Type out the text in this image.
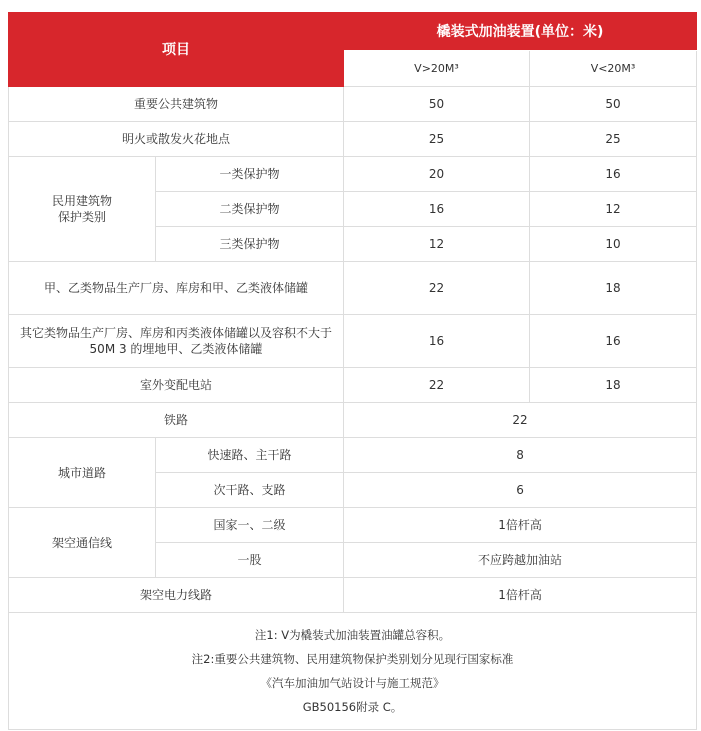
项目		橇装式加油装置(单位：米)	
		V>20M³	V<20M³
重要公共建筑物		50	50
明火或散发火花地点		25	25
民用建筑物
保护类别	一类保护物	20	16
	二类保护物	16	12
	三类保护物	12	10
甲、乙类物品生产厂房、库房和甲、乙类液体储罐		22	18
其它类物品生产厂房、库房和丙类液体储罐以及容积不大于
50M 3 的埋地甲、乙类液体储罐		16	16
室外变配电站		22	18
铁路		22	
城市道路	快速路、主干路	8	
	次干路、支路	6	
架空通信线	国家一、二级	1倍杆高	
	一股	不应跨越加油站	
架空电力线路		1倍杆高	

注1: V为橇装式加油装置油罐总容积。
注2:重要公共建筑物、民用建筑物保护类别划分见现行国家标准
《汽车加油加气站设计与施工规范》
GB50156附录 C。			
